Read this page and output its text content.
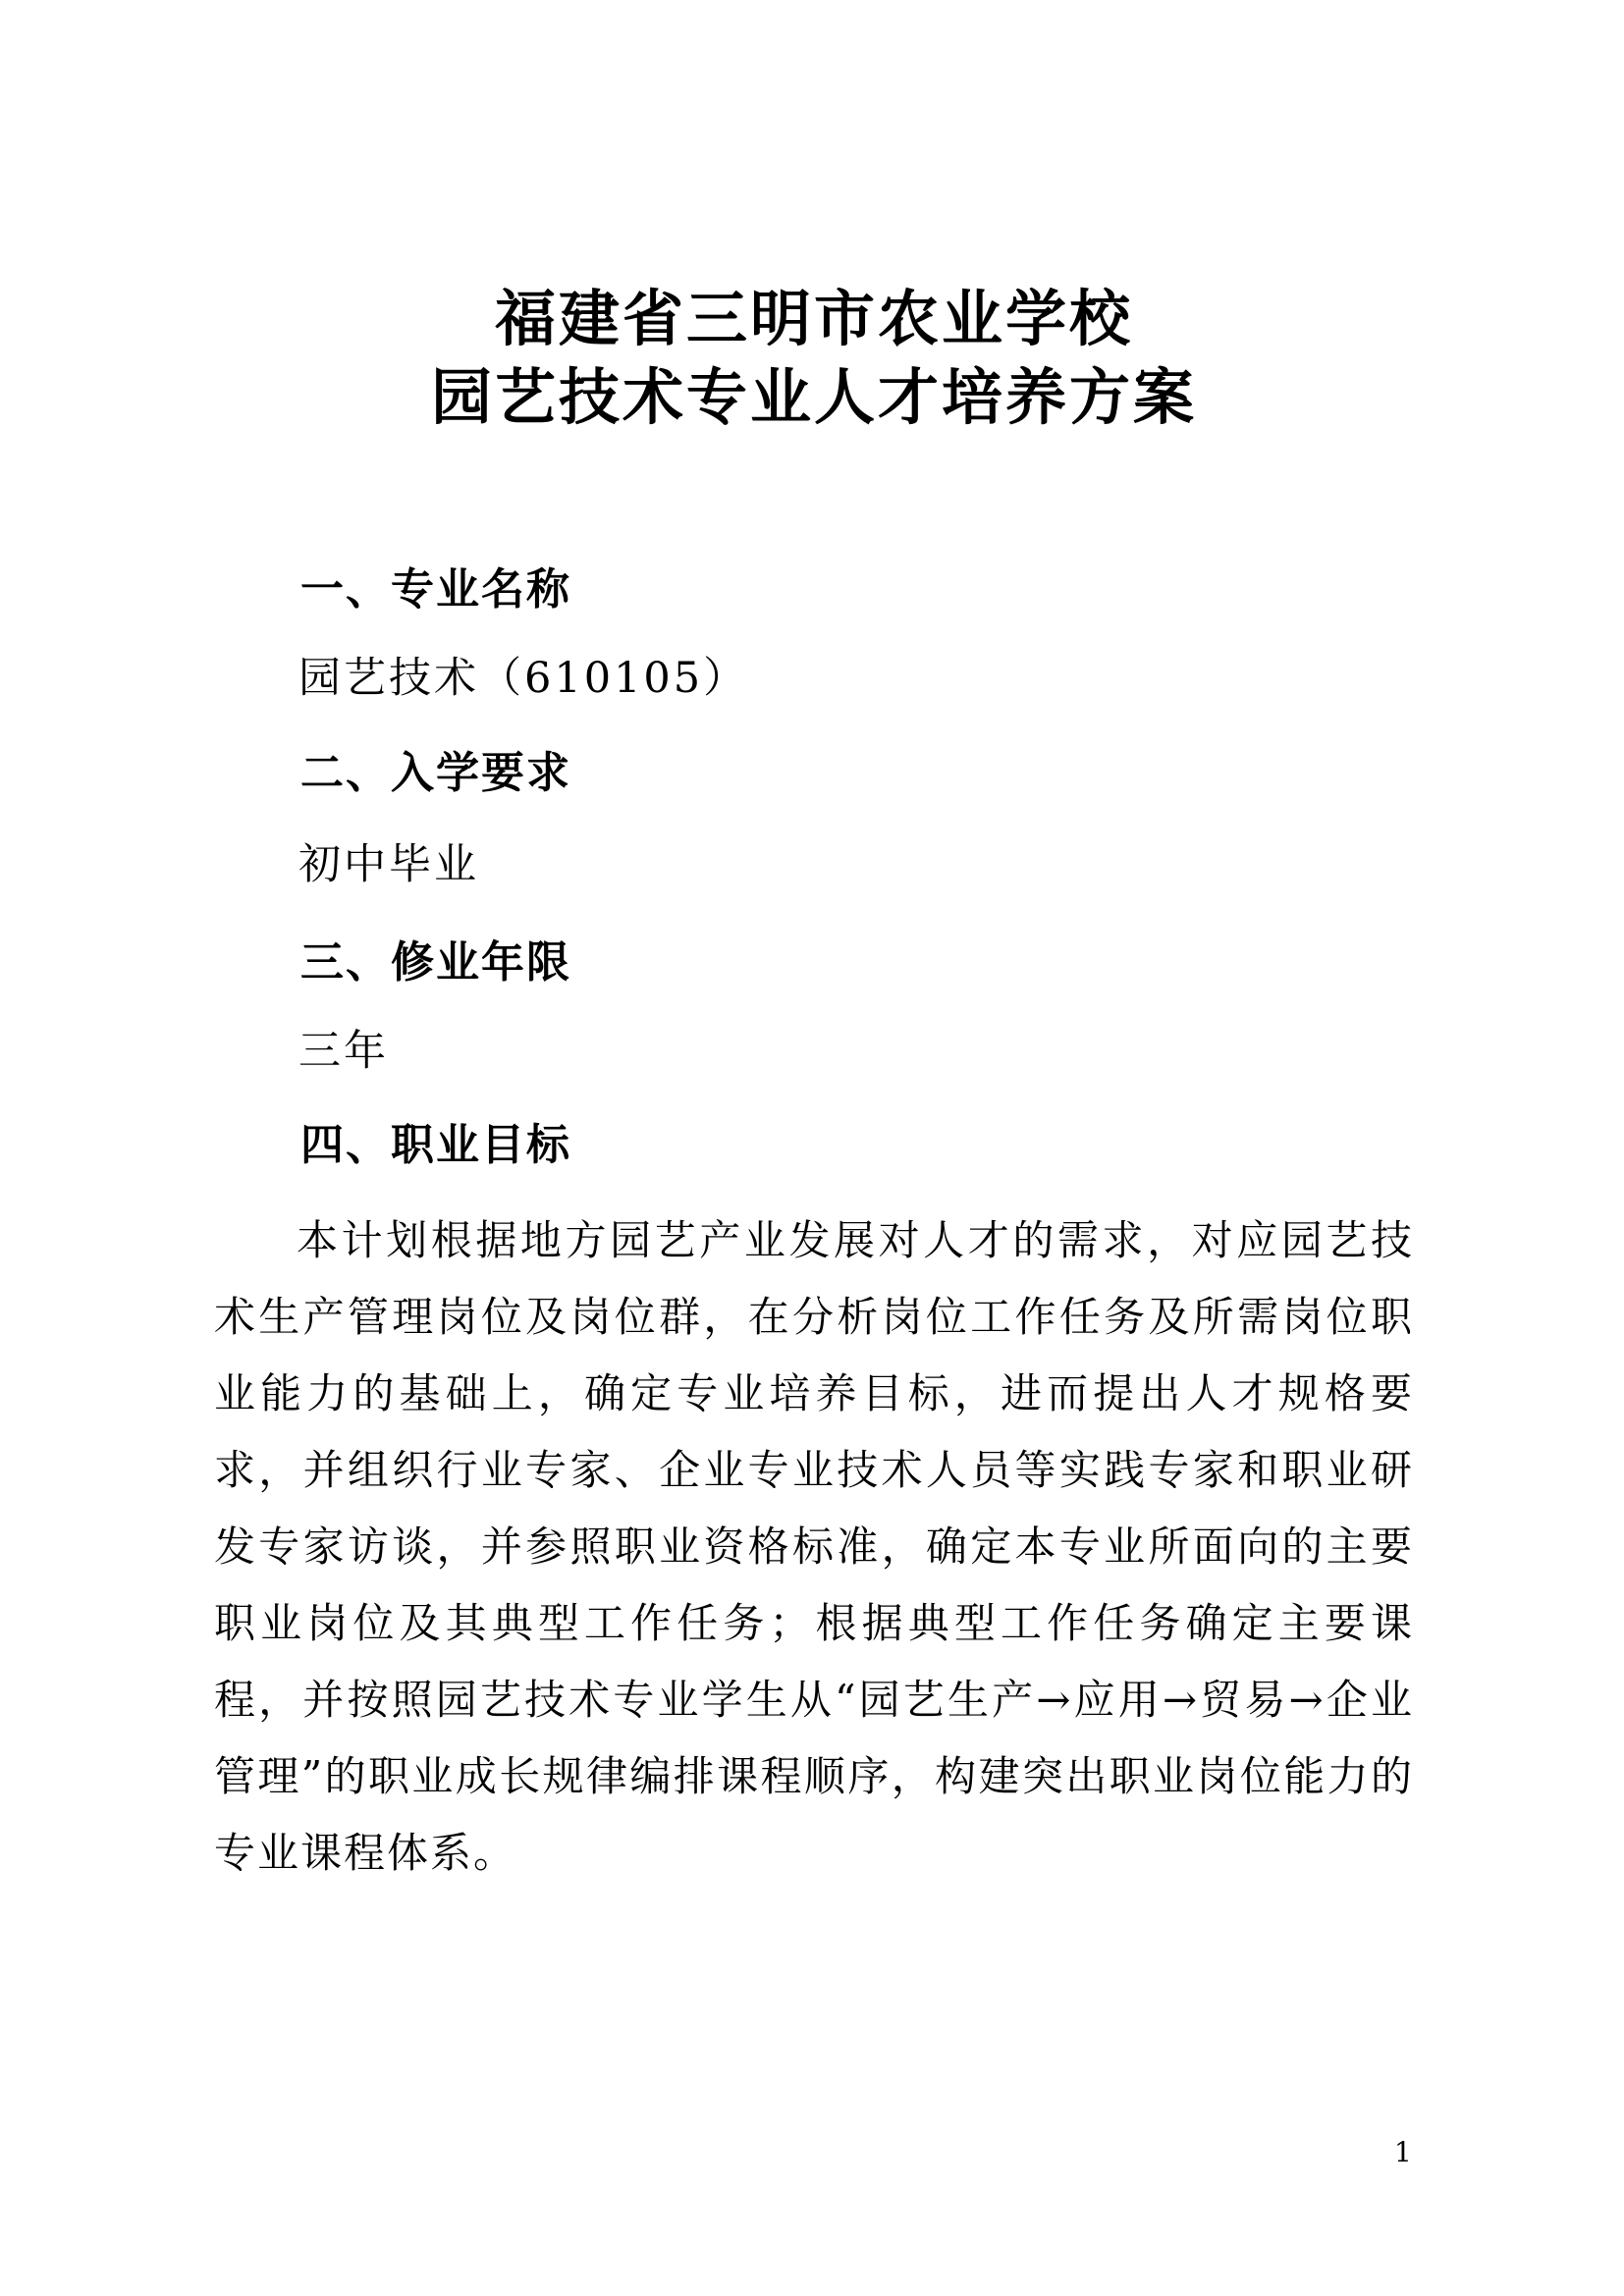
福建省三明市农业学校
园艺技术专业人才培养方案
一、专业名称

园艺技术（610105）

二、入学要求

初中毕业

三、修业年限

三年

四、职业目标

本计划根据地方园艺产业发展对人才的需求，对应园艺技术生产管理岗位及岗位群，在分析岗位工作任务及所需岗位职业能力的基础上，确定专业培养目标，进而提出人才规格要求，并组织行业专家、企业专业技术人员等实践专家和职业研发专家访谈，并参照职业资格标准，确定本专业所面向的主要职业岗位及其典型工作任务；根据典型工作任务确定主要课程，并按照园艺技术专业学生从“园艺生产→应用→贸易→企业管理”的职业成长规律编排课程顺序，构建突出职业岗位能力的专业课程体系。

1
